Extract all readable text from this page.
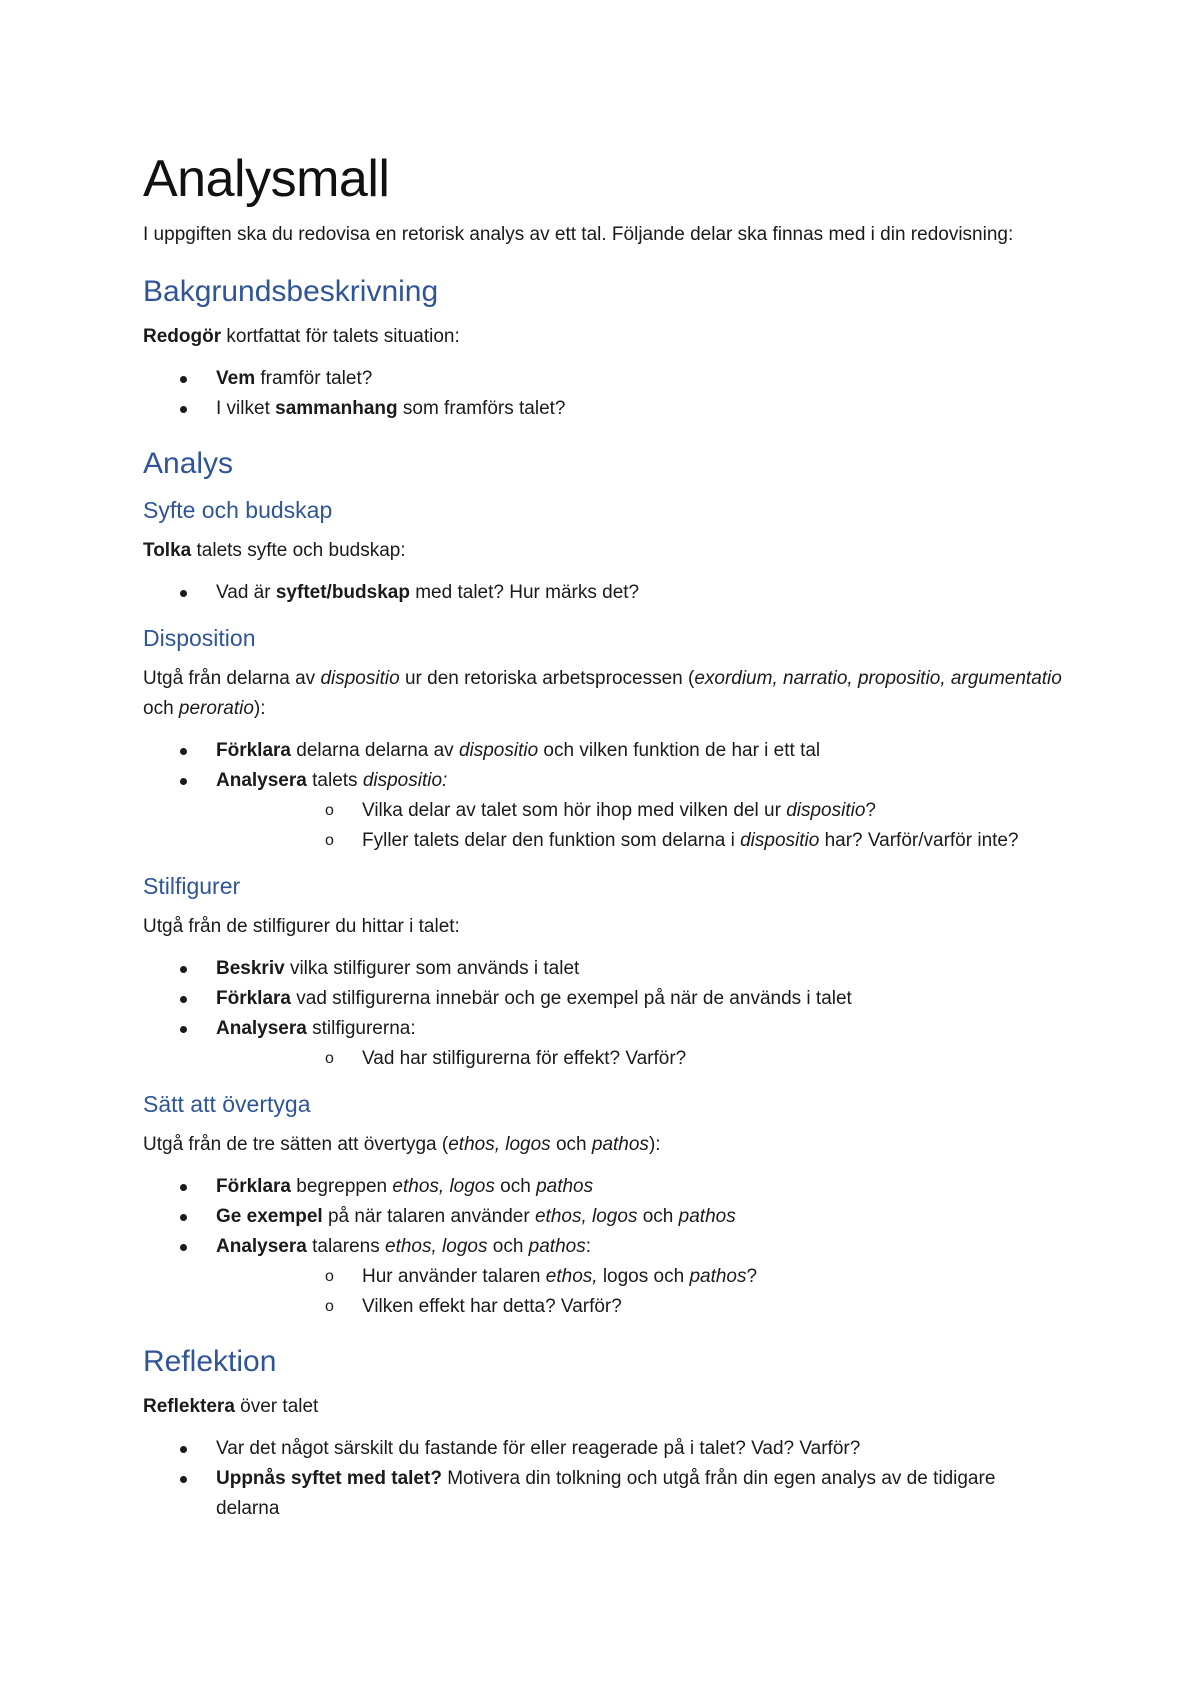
Analysmall

I uppgiften ska du redovisa en retorisk analys av ett tal. Följande delar ska finnas med i din redovisning:

Bakgrundsbeskrivning

Redogör kortfattat för talets situation:

Vem framför talet?
I vilket sammanhang som framförs talet?
Analys
Syfte och budskap

Tolka talets syfte och budskap:

Vad är syftet/budskap med talet? Hur märks det?
Disposition

Utgå från delarna av dispositio ur den retoriska arbetsprocessen (exordium, narratio, propositio, argumentatio och peroratio):

Förklara delarna delarna av dispositio och vilken funktion de har i ett tal
Analysera talets dispositio:
o Vilka delar av talet som hör ihop med vilken del ur dispositio?
o Fyller talets delar den funktion som delarna i dispositio har? Varför/varför inte?
Stilfigurer

Utgå från de stilfigurer du hittar i talet:

Beskriv vilka stilfigurer som används i talet
Förklara vad stilfigurerna innebär och ge exempel på när de används i talet
Analysera stilfigurerna:
o Vad har stilfigurerna för effekt? Varför?
Sätt att övertyga

Utgå från de tre sätten att övertyga (ethos, logos och pathos):

Förklara begreppen ethos, logos och pathos
Ge exempel på när talaren använder ethos, logos och pathos
Analysera talarens ethos, logos och pathos:
o Hur använder talaren ethos, logos och pathos?
o Vilken effekt har detta? Varför?
Reflektion

Reflektera över talet

Var det något särskilt du fastande för eller reagerade på i talet? Vad? Varför?
Uppnås syftet med talet? Motivera din tolkning och utgå från din egen analys av de tidigare delarna
